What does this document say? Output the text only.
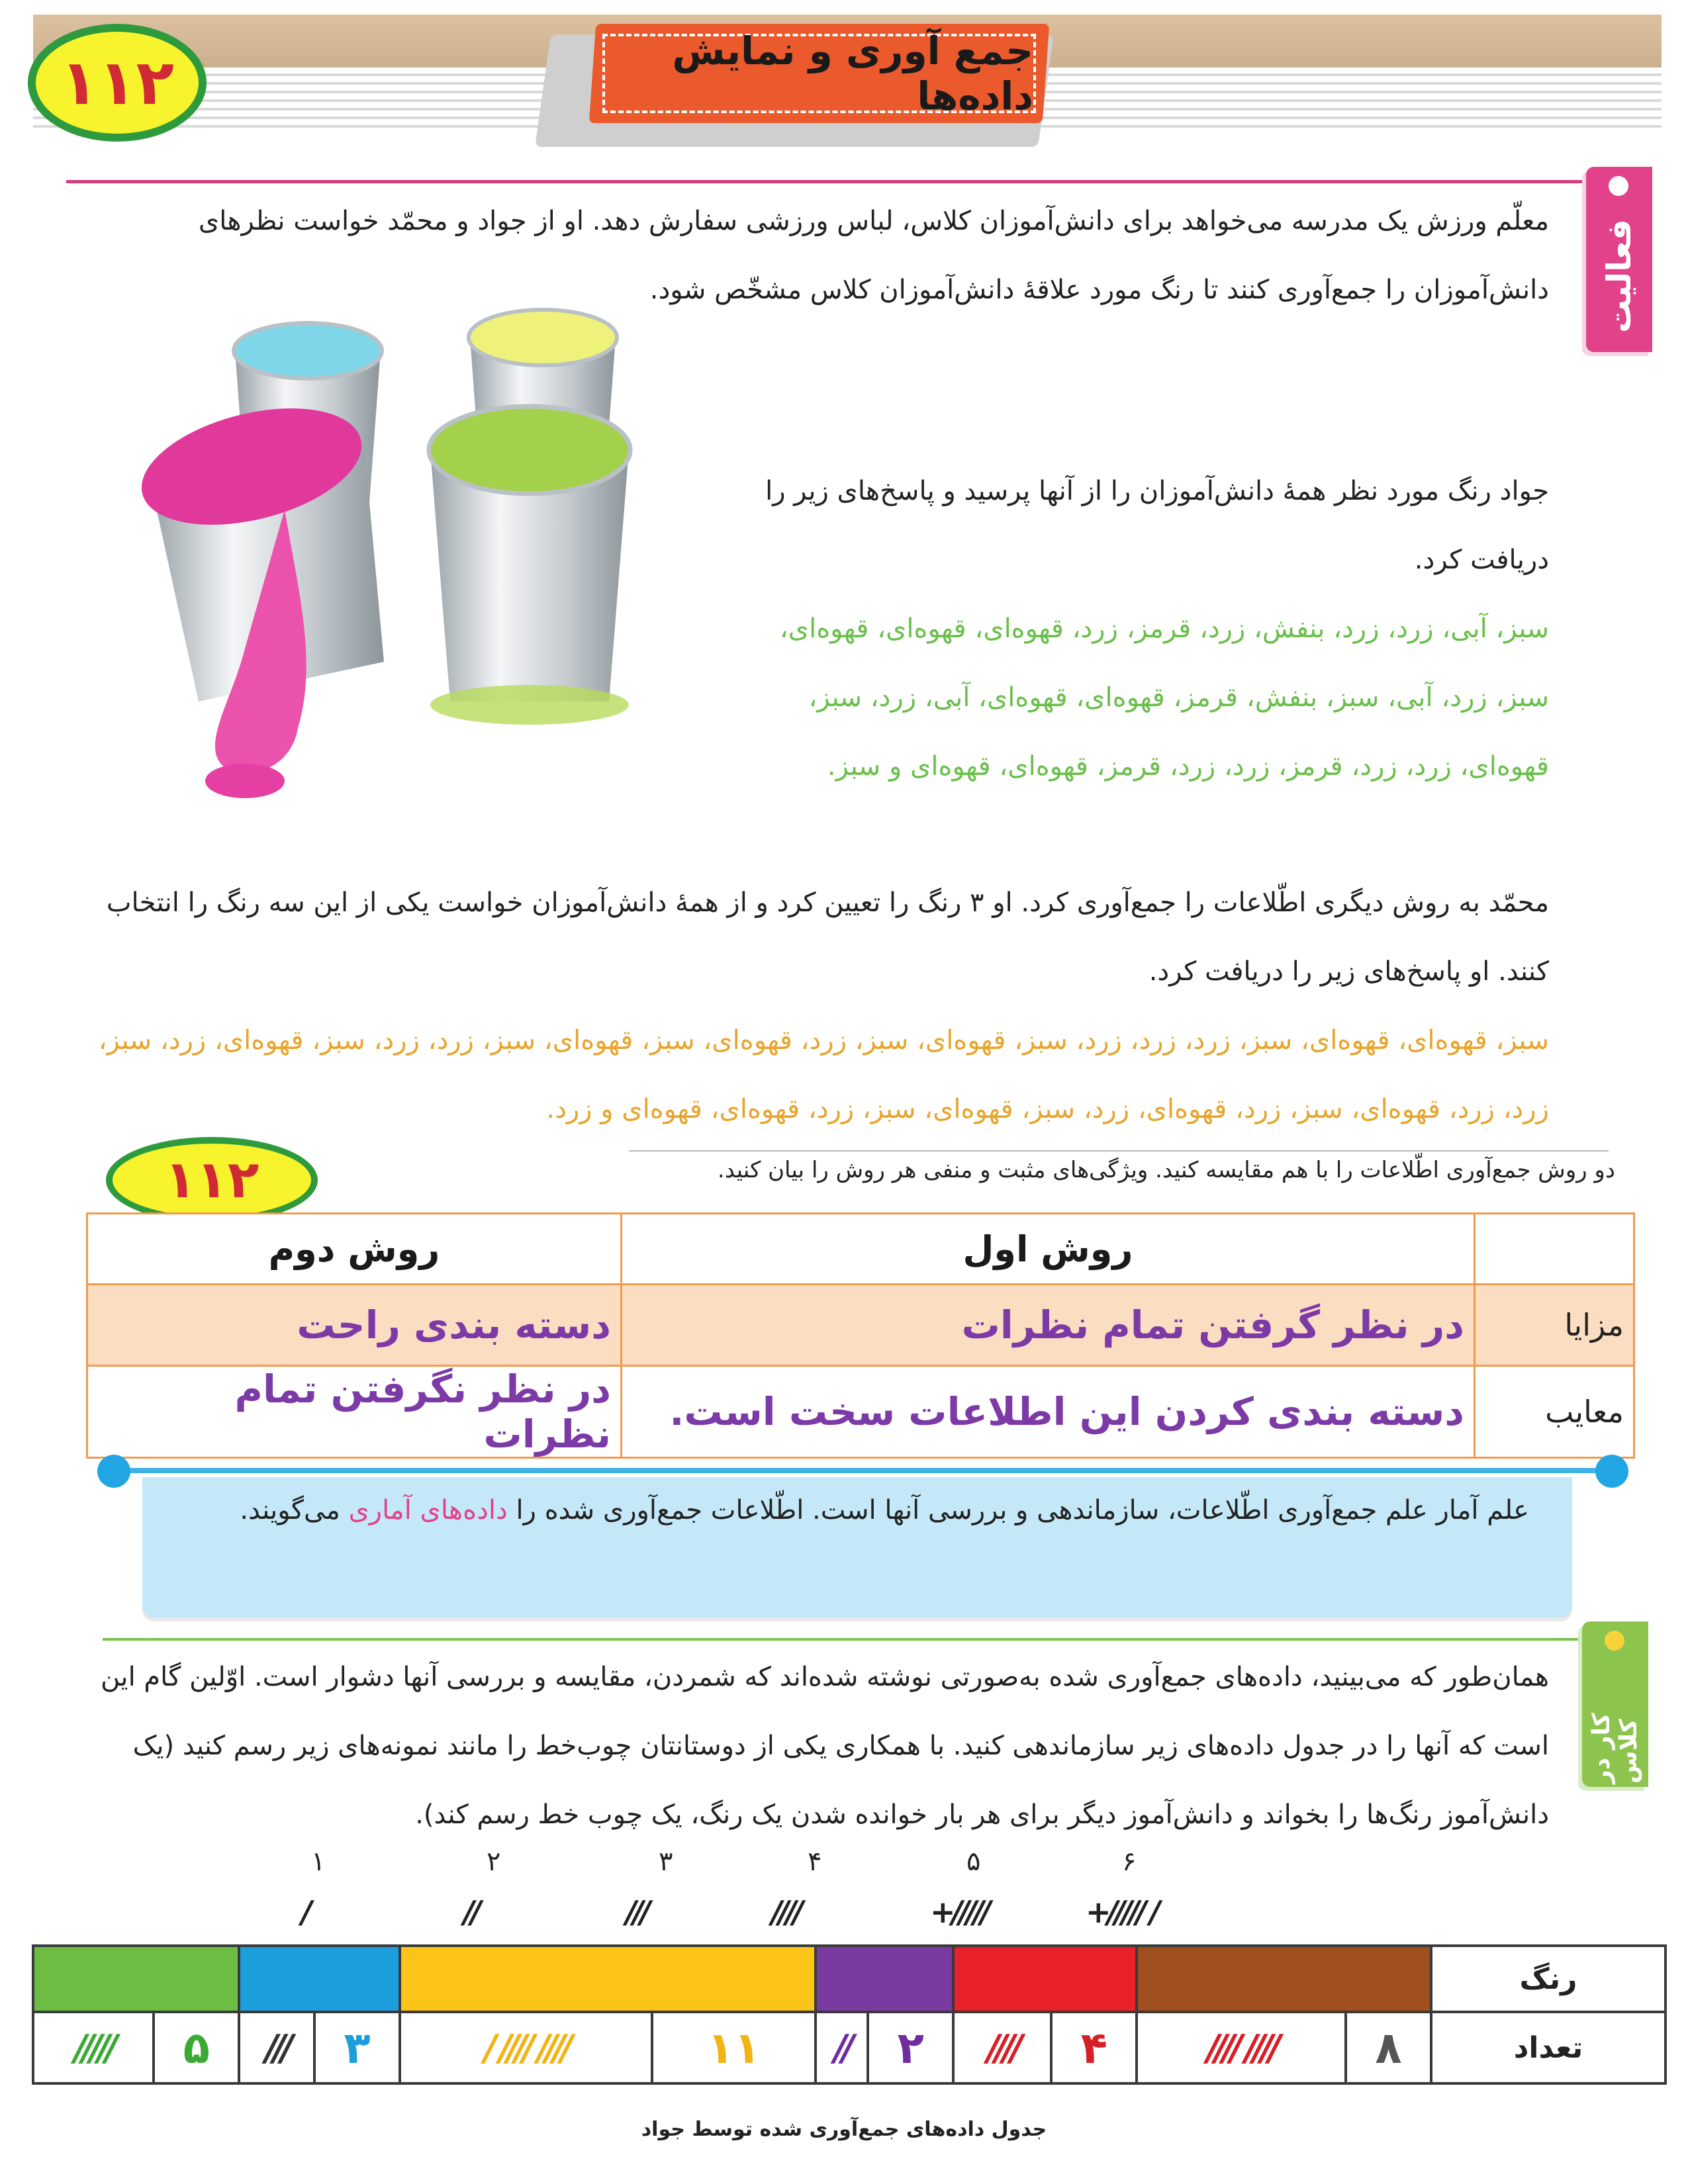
۱۱۲	جمع آوری و نمایش داده‌ها
فعالیت
معلّم ورزش یک مدرسه می‌خواهد برای دانش‌آموزان کلاس، لباس ورزشی سفارش دهد. او از جواد و محمّد خواست نظرهای دانش‌آموزان را جمع‌آوری کنند تا رنگ مورد علاقهٔ دانش‌آموزان کلاس مشخّص شود.
جواد رنگ مورد نظر همهٔ دانش‌آموزان را از آنها پرسید و پاسخ‌های زیر را دریافت کرد.
سبز، آبی، زرد، زرد، بنفش، زرد، قرمز، زرد، قهوه‌ای، قهوه‌ای، قهوه‌ای، سبز، زرد، آبی، سبز، بنفش، قرمز، قهوه‌ای، قهوه‌ای، آبی، زرد، سبز، قهوه‌ای، زرد، زرد، قرمز، زرد، زرد، قرمز، قهوه‌ای، قهوه‌ای و سبز.
محمّد به روش دیگری اطّلاعات را جمع‌آوری کرد. او ۳ رنگ را تعیین کرد و از همهٔ دانش‌آموزان خواست یکی از این سه رنگ را انتخاب کنند. او پاسخ‌های زیر را دریافت کرد.
سبز، قهوه‌ای، قهوه‌ای، سبز، زرد، زرد، زرد، سبز، قهوه‌ای، سبز، زرد، قهوه‌ای، سبز، قهوه‌ای، سبز، زرد، زرد، سبز، قهوه‌ای، زرد، سبز، زرد، زرد، قهوه‌ای، سبز، زرد، قهوه‌ای، زرد، سبز، قهوه‌ای، سبز، زرد، قهوه‌ای، قهوه‌ای و زرد.
۱۱۲	دو روش جمع‌آوری اطّلاعات را با هم مقایسه کنید. ویژگی‌های مثبت و منفی هر روش را بیان کنید.
	روش اول	روش دوم
مزایا	در نظر گرفتن تمام نظرات	دسته بندی راحت
معایب	دسته بندی کردن این اطلاعات سخت است.	در نظر نگرفتن تمام نظرات
علم آمار علم جمع‌آوری اطّلاعات، سازماندهی و بررسی آنها است. اطّلاعات جمع‌آوری شده را داده‌های آماری می‌گویند.
کار در کلاس
همان‌طور که می‌بینید، داده‌های جمع‌آوری شده به‌صورتی نوشته شده‌اند که شمردن، مقایسه و بررسی آنها دشوار است. اوّلین گام این است که آنها را در جدول داده‌های زیر سازماندهی کنید. با همکاری یکی از دوستانتان چوب‌خط را مانند نمونه‌های زیر رسم کنید (یک دانش‌آموز رنگ‌ها را بخواند و دانش‌آموز دیگر برای هر بار خوانده شدن یک رنگ، یک چوب خط رسم کند).
۱	۲	۳	۴	۵	۶
/	//	///	////	+/////	+///// /
رنگ												
تعداد	۸	//// ////	۴	////	۲	//	۱۱	//// //// /	۳	///	۵	/////
جدول داده‌های جمع‌آوری شده توسط جواد
